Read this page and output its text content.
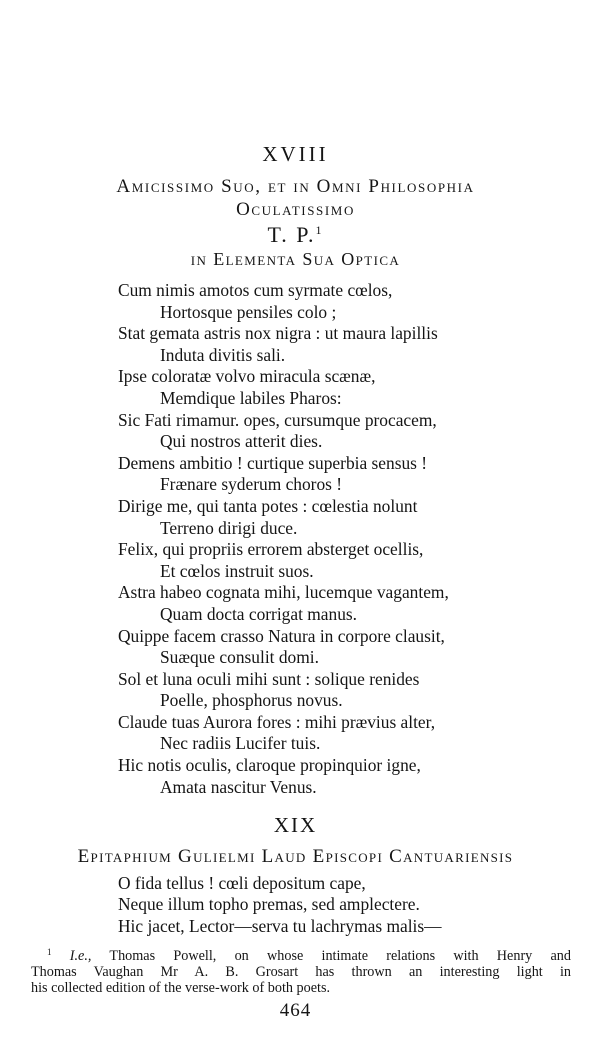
XVIII
Amicissimo Suo, et in Omni Philosophia
Oculatissimo
T. P.$^1$
in Elementa Sua Optica
Cum nimis amotos cum syrmate cœlos,
Hortosque pensiles colo ;
Stat gemata astris nox nigra : ut maura lapillis
Induta divitis sali.
Ipse coloratæ volvo miracula scænæ,
Memdique labiles Pharos:
Sic Fati rimamur. opes, cursumque procacem,
Qui nostros atterit dies.
Demens ambitio ! curtique superbia sensus !
Frænare syderum choros !
Dirige me, qui tanta potes : cœlestia nolunt
Terreno dirigi duce.
Felix, qui propriis errorem absterget ocellis,
Et cœlos instruit suos.
Astra habeo cognata mihi, lucemque vagantem,
Quam docta corrigat manus.
Quippe facem crasso Natura in corpore clausit,
Suæque consulit domi.
Sol et luna oculi mihi sunt : solique renides
Poelle, phosphorus novus.
Claude tuas Aurora fores : mihi prævius alter,
Nec radiis Lucifer tuis.
Hic notis oculis, claroque propinquior igne,
Amata nascitur Venus.
XIX
Epitaphium Gulielmi Laud Episcopi Cantuariensis
O fida tellus ! cœli depositum cape,
Neque illum topho premas, sed amplectere.
Hic jacet, Lector—serva tu lachrymas malis—
$^1$ I.e., Thomas Powell, on whose intimate relations with Henry and
Thomas Vaughan Mr A. B. Grosart has thrown an interesting light in
his collected edition of the verse-work of both poets.
464
